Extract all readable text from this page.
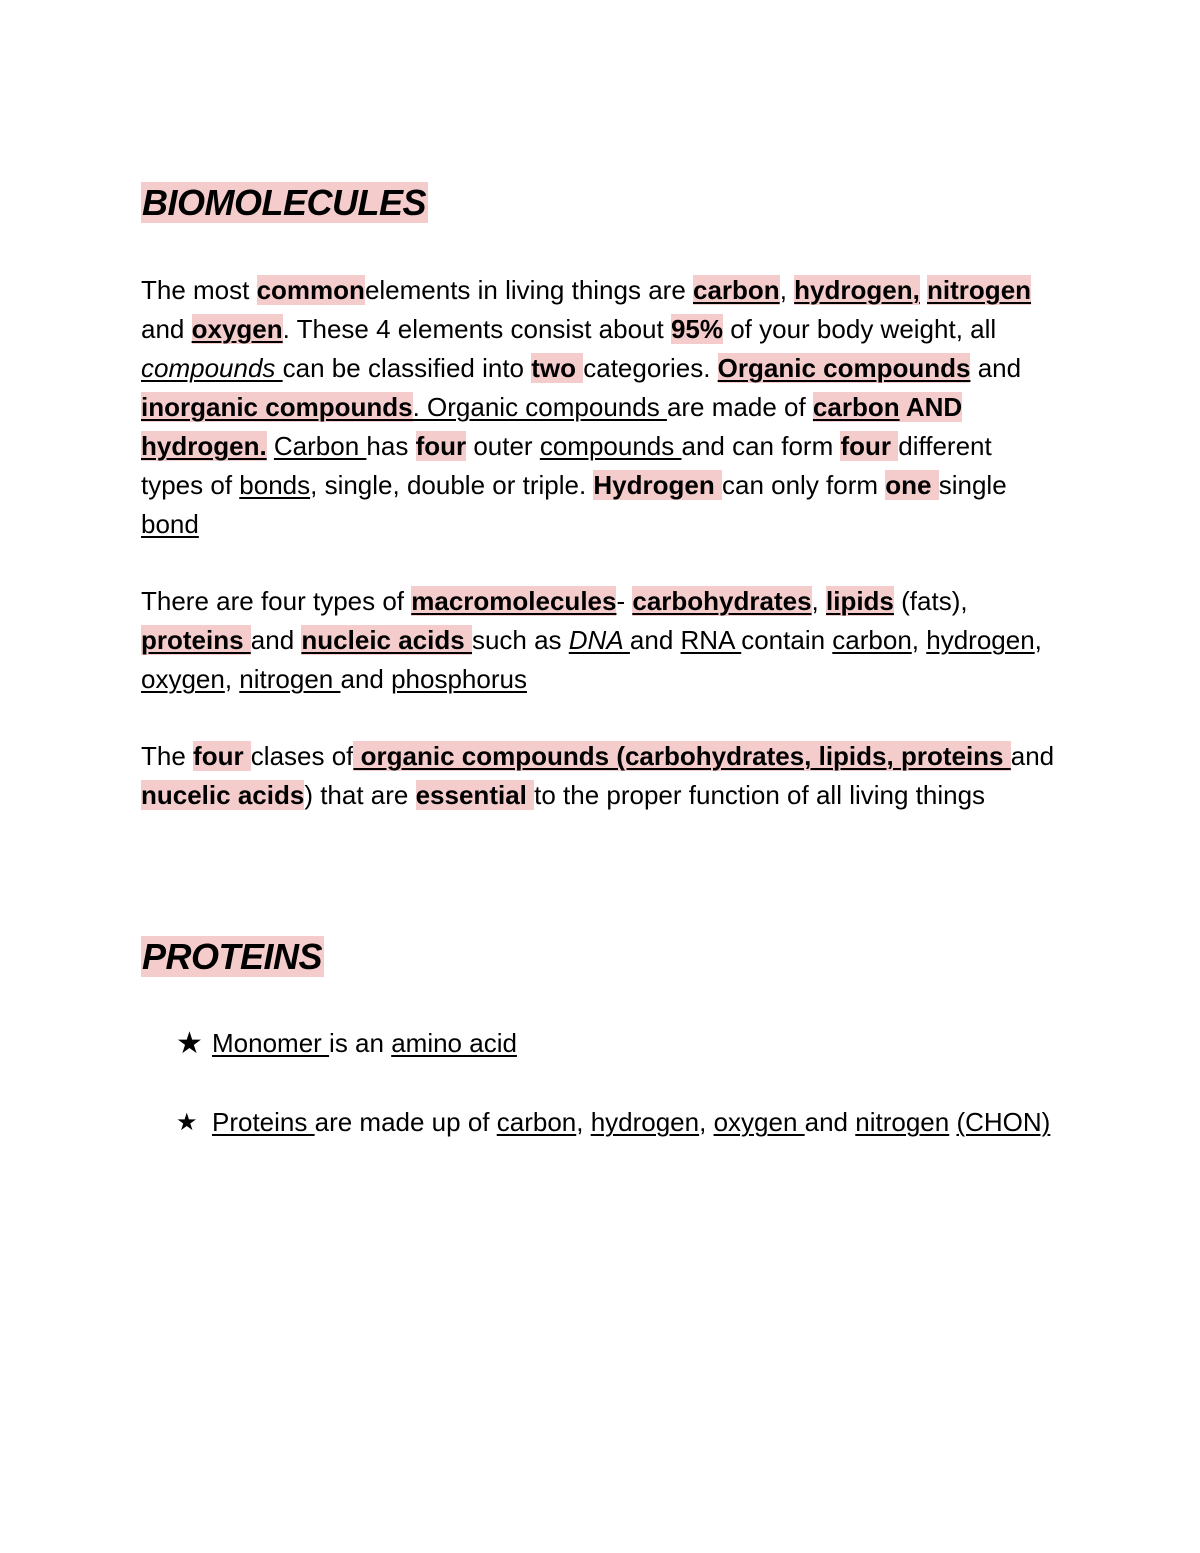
BIOMOLECULES

The most commonelements in living things are carbon, hydrogen, nitrogen and oxygen. These 4 elements consist about 95% of your body weight, all compounds can be classified into two categories. Organic compounds and inorganic compounds. Organic compounds are made of carbon AND hydrogen. Carbon has four outer compounds and can form four different types of bonds, single, double or triple. Hydrogen can only form one single bond

There are four types of macromolecules- carbohydrates, lipids (fats), proteins and nucleic acids such as DNA and RNA contain carbon, hydrogen, oxygen, nitrogen and phosphorus

The four clases of organic compounds (carbohydrates, lipids, proteins and nucelic acids) that are essential to the proper function of all living things

PROTEINS
★ Monomer is an amino acid
★ Proteins are made up of carbon, hydrogen, oxygen and nitrogen (CHON)
